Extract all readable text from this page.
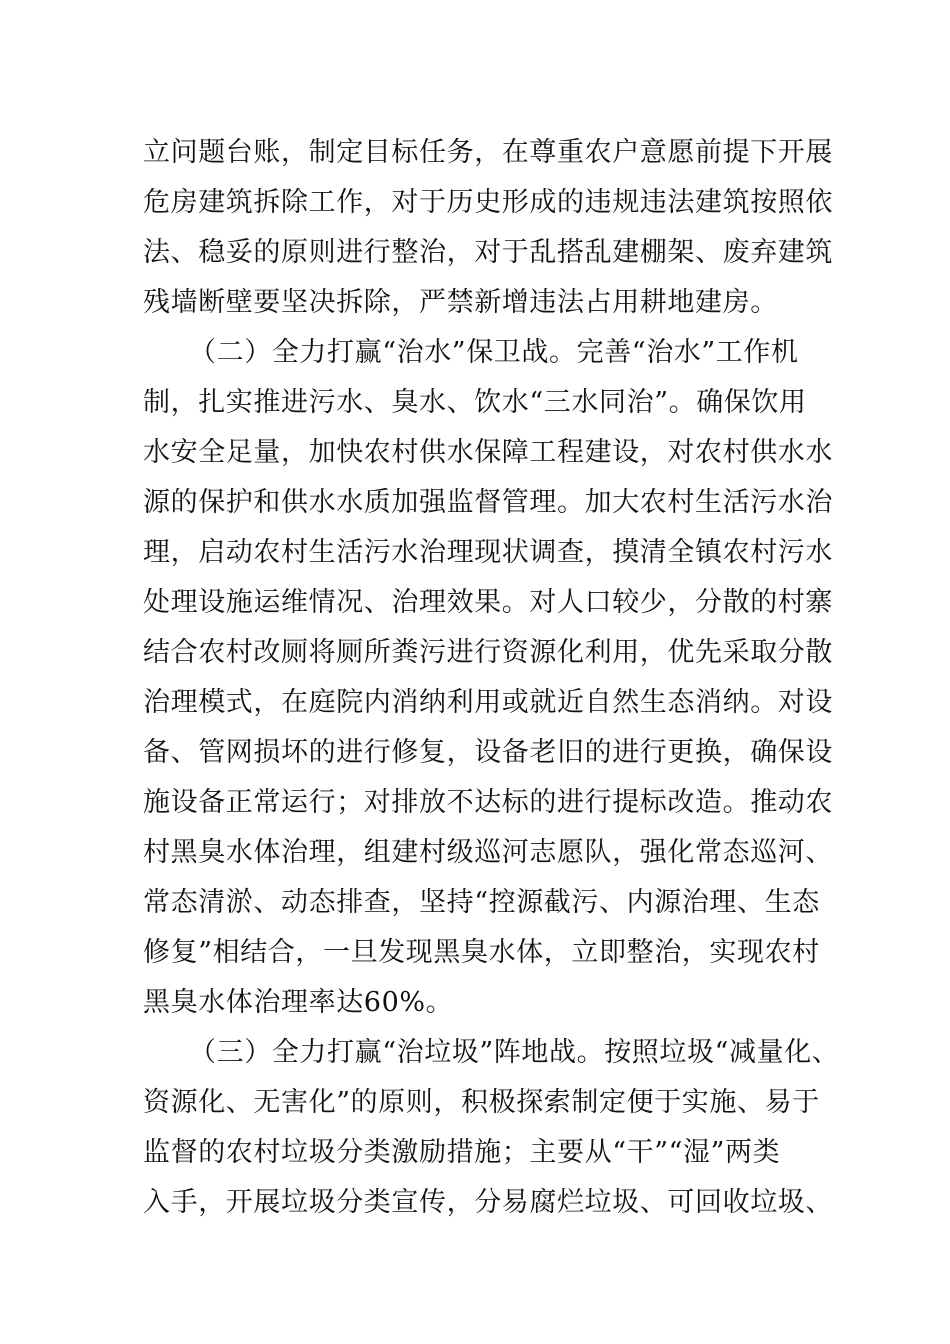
立问题台账，制定目标任务，在尊重农户意愿前提下开展
危房建筑拆除工作，对于历史形成的违规违法建筑按照依
法、稳妥的原则进行整治，对于乱搭乱建棚架、废弃建筑
残墙断壁要坚决拆除，严禁新增违法占用耕地建房。
（二）全力打赢“治水”保卫战。完善“治水”工作机
制，扎实推进污水、臭水、饮水“三水同治”。确保饮用
水安全足量，加快农村供水保障工程建设，对农村供水水
源的保护和供水水质加强监督管理。加大农村生活污水治
理，启动农村生活污水治理现状调查，摸清全镇农村污水
处理设施运维情况、治理效果。对人口较少，分散的村寨
结合农村改厕将厕所粪污进行资源化利用，优先采取分散
治理模式，在庭院内消纳利用或就近自然生态消纳。对设
备、管网损坏的进行修复，设备老旧的进行更换，确保设
施设备正常运行；对排放不达标的进行提标改造。推动农
村黑臭水体治理，组建村级巡河志愿队，强化常态巡河、
常态清淤、动态排查，坚持“控源截污、内源治理、生态
修复”相结合，一旦发现黑臭水体，立即整治，实现农村
黑臭水体治理率达60%。
（三）全力打赢“治垃圾”阵地战。按照垃圾“减量化、
资源化、无害化”的原则，积极探索制定便于实施、易于
监督的农村垃圾分类激励措施；主要从“干”“湿”两类
入手，开展垃圾分类宣传，分易腐烂垃圾、可回收垃圾、
